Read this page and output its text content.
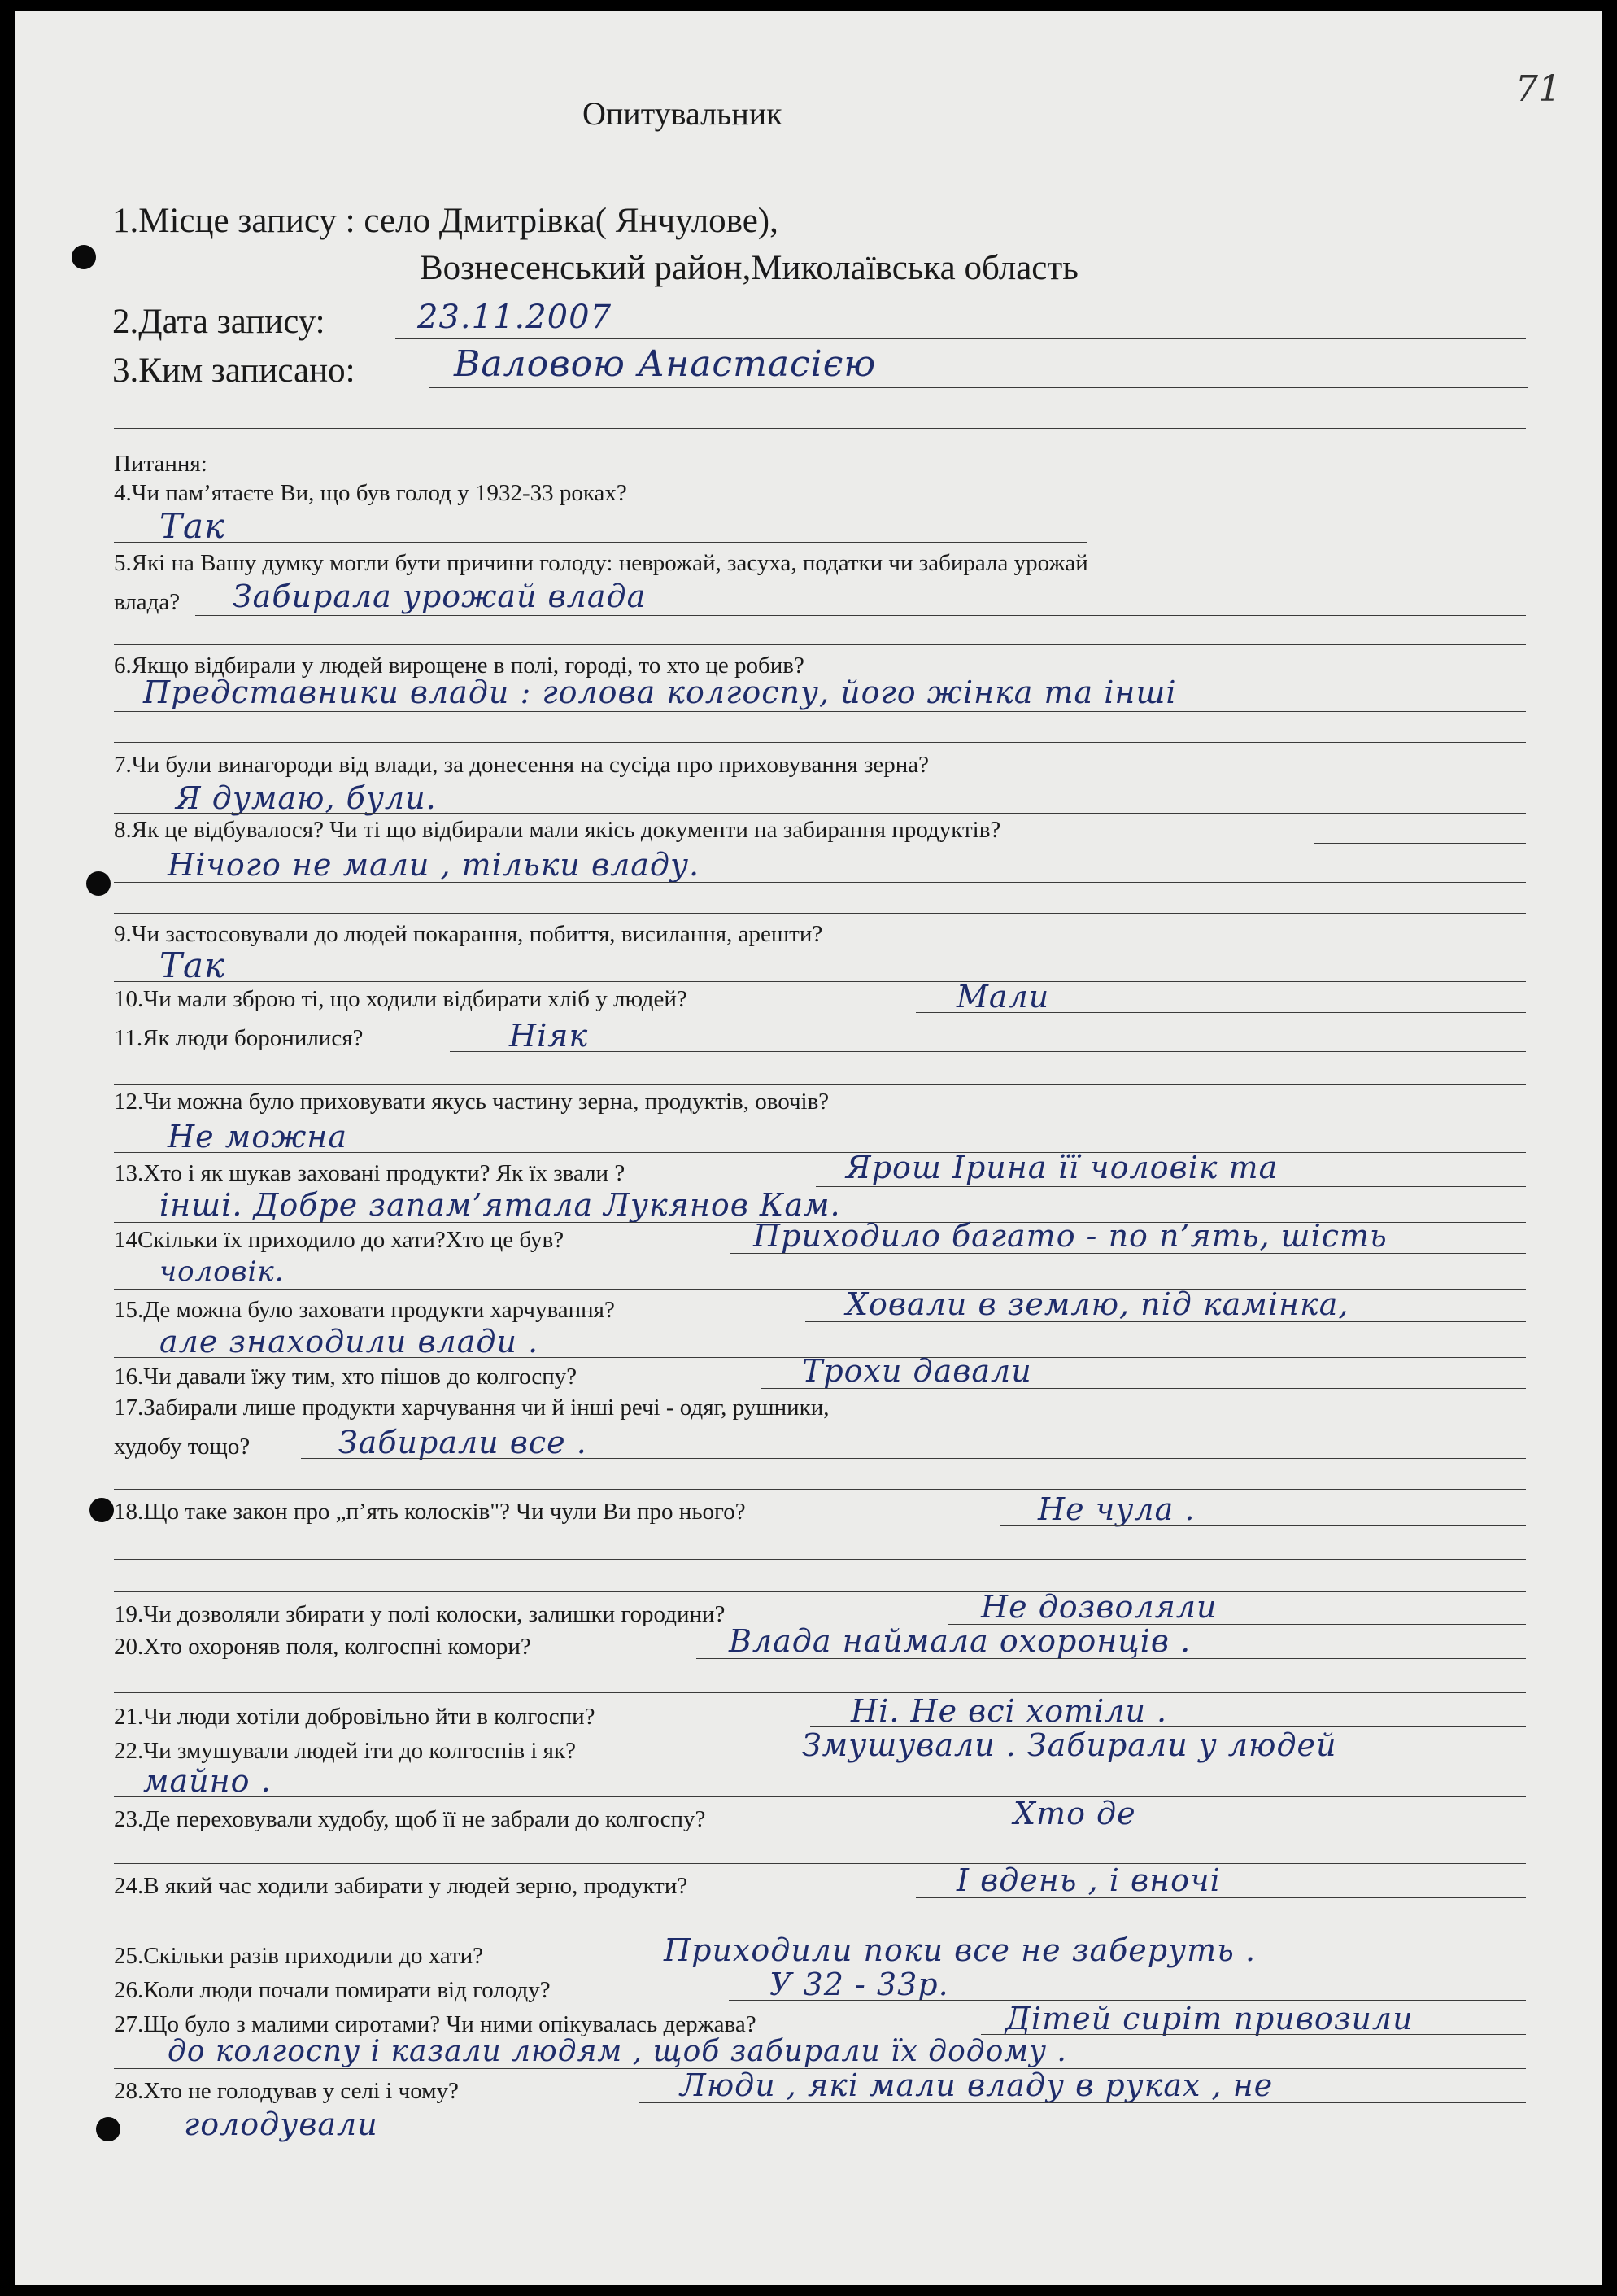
71
Опитувальник
1.Місце запису : село Дмитрівка( Янчулове),
Вознесенський район,Миколаївська область
2.Дата запису:	23.11.2007
3.Ким записано:	Валовою Анастасією
Питання:
4.Чи пам’ятаєте Ви, що був голод у 1932-33 роках?
Так
5.Які на Вашу думку могли бути причини голоду: неврожай, засуха, податки чи забирала урожай
влада? Забирала урожай влада
6.Якщо відбирали у людей вирощене в полі, городі, то хто це робив?
Представники влади : голова колгоспу, його жінка та інші
7.Чи були винагороди від влади, за донесення на сусіда про приховування зерна?
Я думаю, були.
8.Як це відбувалося? Чи ті що відбирали мали якісь документи на забирання продуктів?
Нічого не мали , тільки владу.
9.Чи застосовували до людей покарання, побиття, висилання, арешти?
Так
10.Чи мали зброю ті, що ходили відбирати хліб у людей?	Мали
11.Як люди боронилися?	Ніяк
12.Чи можна було приховувати якусь частину зерна, продуктів, овочів?
Не можна
13.Хто і як шукав заховані продукти? Як їх звали ?	Ярош Ірина її чоловік та
інші. Добре запам’ятала Лукянов Кам.
14Скільки їх приходило до хати?Хто це був?	Приходило багато - по п’ять, шість
чоловік.
15.Де можна було заховати продукти харчування?	Ховали в землю, під камінка,
але знаходили влади .
16.Чи давали їжу тим, хто пішов до колгоспу?	Трохи давали
17.Забирали лише продукти харчування чи й інші речі - одяг, рушники,
худобу тощо?	Забирали все .
18.Що таке закон про „п’ять колосків"? Чи чули Ви про нього?	Не чула .
19.Чи дозволяли збирати у полі колоски, залишки городини?	Не дозволяли
20.Хто охороняв поля, колгоспні комори?	Влада наймала охоронців .
21.Чи люди хотіли добровільно йти в колгоспи?	Ні. Не всі хотіли .
22.Чи змушували людей іти до колгоспів і як?	Змушували . Забирали у людей
майно .
23.Де переховували худобу, щоб її не забрали до колгоспу?	Хто де
24.В який час ходили забирати у людей зерно, продукти?	І вдень , і вночі
25.Скільки разів приходили до хати?	Приходили поки все не заберуть .
26.Коли люди почали помирати від голоду?	У 32 - 33р.
27.Що було з малими сиротами? Чи ними опікувалась держава?	Дітей сиріт привозили
до колгоспу і казали людям , щоб забирали їх додому .
28.Хто не голодував у селі і чому?	Люди , які мали владу в руках , не
голодували
